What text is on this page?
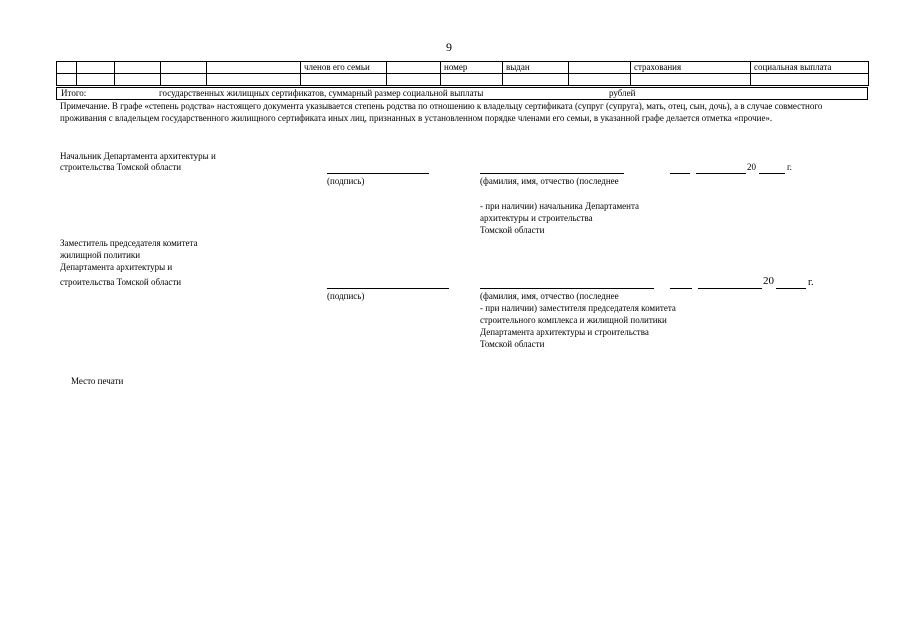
9
					членов его семьи		номер	выдан		страхования	социальная выплата

Итого:	государственных жилищных сертификатов, суммарный размер социальной выплаты	рублей
Примечание. В графе «степень родства» настоящего документа указывается степень родства по отношению к владельцу сертификата (супруг (супруга), мать, отец, сын, дочь), а в случае совместного проживания с владельцем государственного жилищного сертификата иных лиц, признанных в установленном порядке членами его семьи, в указанной графе делается отметка «прочие».
Начальник Департамента архитектуры и
строительства Томской области	20	г.
(подпись)	(фамилия, имя, отчество (последнее
- при наличии) начальника Департамента
архитектуры и строительства
Томской области
Заместитель председателя комитета
жилищной политики
Департамента архитектуры и
строительства Томской области	20	г.
(подпись)	(фамилия, имя, отчество (последнее
- при наличии) заместителя председателя комитета
строительного комплекса и жилищной политики
Департамента архитектуры и строительства
Томской области
Место печати
